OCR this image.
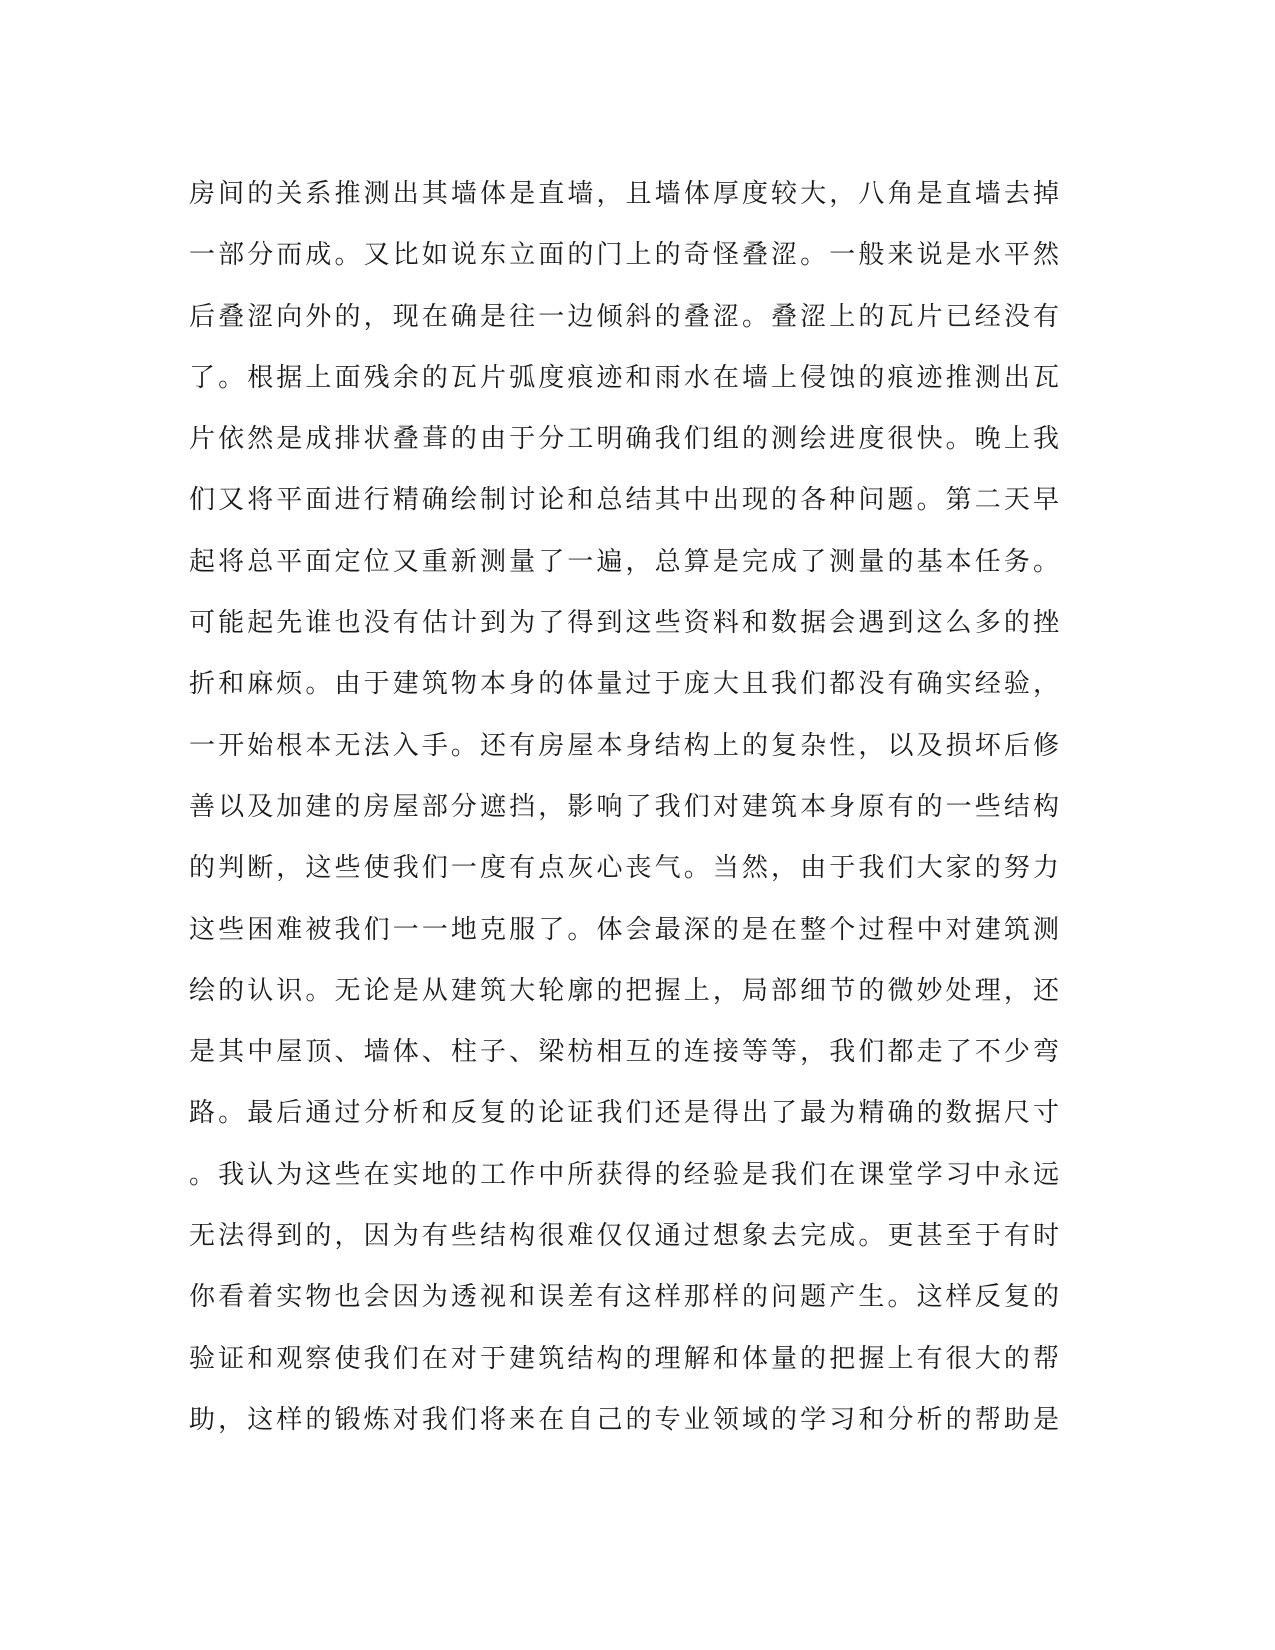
房间的关系推测出其墙体是直墙，且墙体厚度较大，八角是直墙去掉
一部分而成。又比如说东立面的门上的奇怪叠涩。一般来说是水平然
后叠涩向外的，现在确是往一边倾斜的叠涩。叠涩上的瓦片已经没有
了。根据上面残余的瓦片弧度痕迹和雨水在墙上侵蚀的痕迹推测出瓦
片依然是成排状叠葺的由于分工明确我们组的测绘进度很快。晚上我
们又将平面进行精确绘制讨论和总结其中出现的各种问题。第二天早
起将总平面定位又重新测量了一遍，总算是完成了测量的基本任务。
可能起先谁也没有估计到为了得到这些资料和数据会遇到这么多的挫
折和麻烦。由于建筑物本身的体量过于庞大且我们都没有确实经验，
一开始根本无法入手。还有房屋本身结构上的复杂性，以及损坏后修
善以及加建的房屋部分遮挡，影响了我们对建筑本身原有的一些结构
的判断，这些使我们一度有点灰心丧气。当然，由于我们大家的努力
这些困难被我们一一地克服了。体会最深的是在整个过程中对建筑测
绘的认识。无论是从建筑大轮廓的把握上，局部细节的微妙处理，还
是其中屋顶、墙体、柱子、梁枋相互的连接等等，我们都走了不少弯
路。最后通过分析和反复的论证我们还是得出了最为精确的数据尺寸
。我认为这些在实地的工作中所获得的经验是我们在课堂学习中永远
无法得到的，因为有些结构很难仅仅通过想象去完成。更甚至于有时
你看着实物也会因为透视和误差有这样那样的问题产生。这样反复的
验证和观察使我们在对于建筑结构的理解和体量的把握上有很大的帮
助，这样的锻炼对我们将来在自己的专业领域的学习和分析的帮助是
